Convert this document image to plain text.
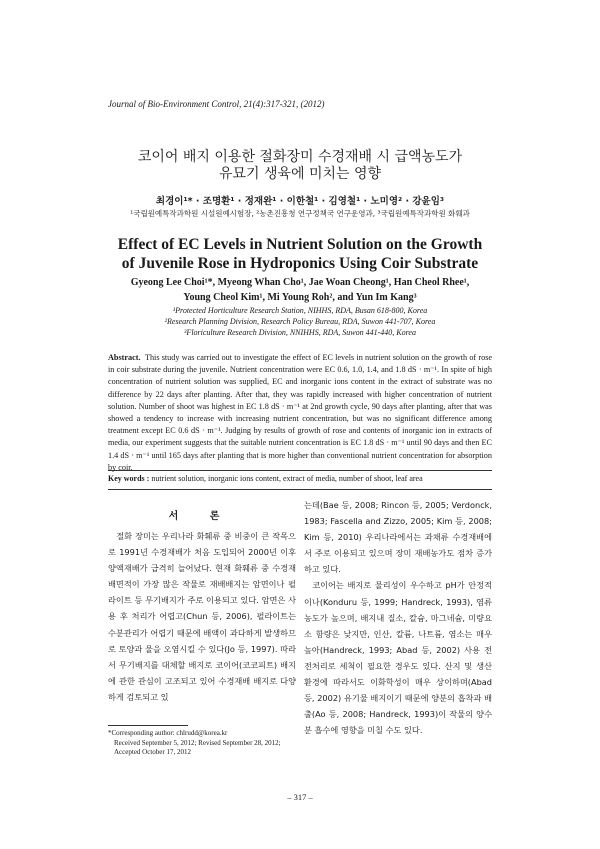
Journal of Bio-Environment Control, 21(4):317-321, (2012)
코이어 배지 이용한 절화장미 수경재배 시 급액농도가
유묘기 생육에 미치는 영향
최경이¹* · 조명환¹ · 정재완¹ · 이한철¹ · 김영철¹ · 노미영² · 강윤임³
¹국립원예특작과학원 시설원예시험장, ²농촌진흥청 연구정책국 연구운영과, ³국립원예특작과학원 화훼과
Effect of EC Levels in Nutrient Solution on the Growth
of Juvenile Rose in Hydroponics Using Coir Substrate
Gyeong Lee Choi¹*, Myeong Whan Cho¹, Jae Woan Cheong¹, Han Cheol Rhee¹,
Young Cheol Kim¹, Mi Young Roh², and Yun Im Kang³
¹Protected Horticulture Research Station, NIHHS, RDA, Busan 618-800, Korea
²Research Planning Division, Research Policy Bureau, RDA, Suwon 441-707, Korea
³Floriculture Research Division, NNIHHS, RDA, Suwon 441-440, Korea
Abstract. This study was carried out to investigate the effect of EC levels in nutrient solution on the growth of rose in coir substrate during the juvenile. Nutrient concentration were EC 0.6, 1.0, 1.4, and 1.8 dS · m⁻¹. In spite of high concentration of nutrient solution was supplied, EC and inorganic ions content in the extract of substrate was no difference by 22 days after planting. After that, they was rapidly increased with higher concentration of nutrient solution. Number of shoot was highest in EC 1.8 dS · m⁻¹ at 2nd growth cycle, 90 days after planting, after that was showed a tendency to increase with increasing nutrient concentration, but was no significant difference among treatment except EC 0.6 dS · m⁻¹. Judging by results of growth of rose and contents of inorganic ion in extracts of media, our experiment suggests that the suitable nutrient concentration is EC 1.8 dS · m⁻¹ until 90 days and then EC 1.4 dS · m⁻¹ until 165 days after planting that is more higher than conventional nutrient concentration for absorption by coir.
Key words : nutrient solution, inorganic ions content, extract of media, number of shoot, leaf area
서 론

절화 장미는 우리나라 화훼류 중 비중이 큰 작목으로 1991년 수경재배가 처음 도입되어 2000년 이후 양액재배가 급격히 늘어났다. 현재 화훼류 중 수경재배면적이 가장 많은 작물로 재배배지는 암면이나 펄라이트 등 무기배지가 주로 이용되고 있다. 암면은 사용 후 처리가 어렵고(Chun 등, 2006), 펄라이트는 수분관리가 어렵기 때문에 배액이 과다하게 발생하므로 토양과 물을 오염시킬 수 있다(Jo 등, 1997). 따라서 무기배지를 대체할 배지로 코이어(코코피트) 배지에 관한 관심이 고조되고 있어 수경재배 배지로 다양하게 검토되고 있

는데(Bae 등, 2008; Rincon 등, 2005; Verdonck, 1983; Fascella and Zizzo, 2005; Kim 등, 2008; Kim 등, 2010) 우리나라에서는 과채류 수경재배에서 주로 이용되고 있으며 장미 재배농가도 점차 증가하고 있다.

코이어는 배지로 물리성이 우수하고 pH가 안정적이나(Konduru 등, 1999; Handreck, 1993), 염류농도가 높으며, 배지내 질소, 칼슘, 마그네슘, 미량요소 함량은 낮지만, 인산, 칼륨, 나트륨, 염소는 매우 높아(Handreck, 1993; Abad 등, 2002) 사용 전 전처리로 세척이 필요한 경우도 있다. 산지 및 생산 환경에 따라서도 이화학성이 매우 상이하며(Abad 등, 2002) 유기물 배지이기 때문에 양분의 흡착과 배출(Ao 등, 2008; Handreck, 1993)이 작물의 양수분 흡수에 영향을 미칠 수도 있다.

*Corresponding author: chlrudd@korea.kr
Received September 5, 2012; Revised September 28, 2012;
Accepted October 17, 2012
– 317 –
